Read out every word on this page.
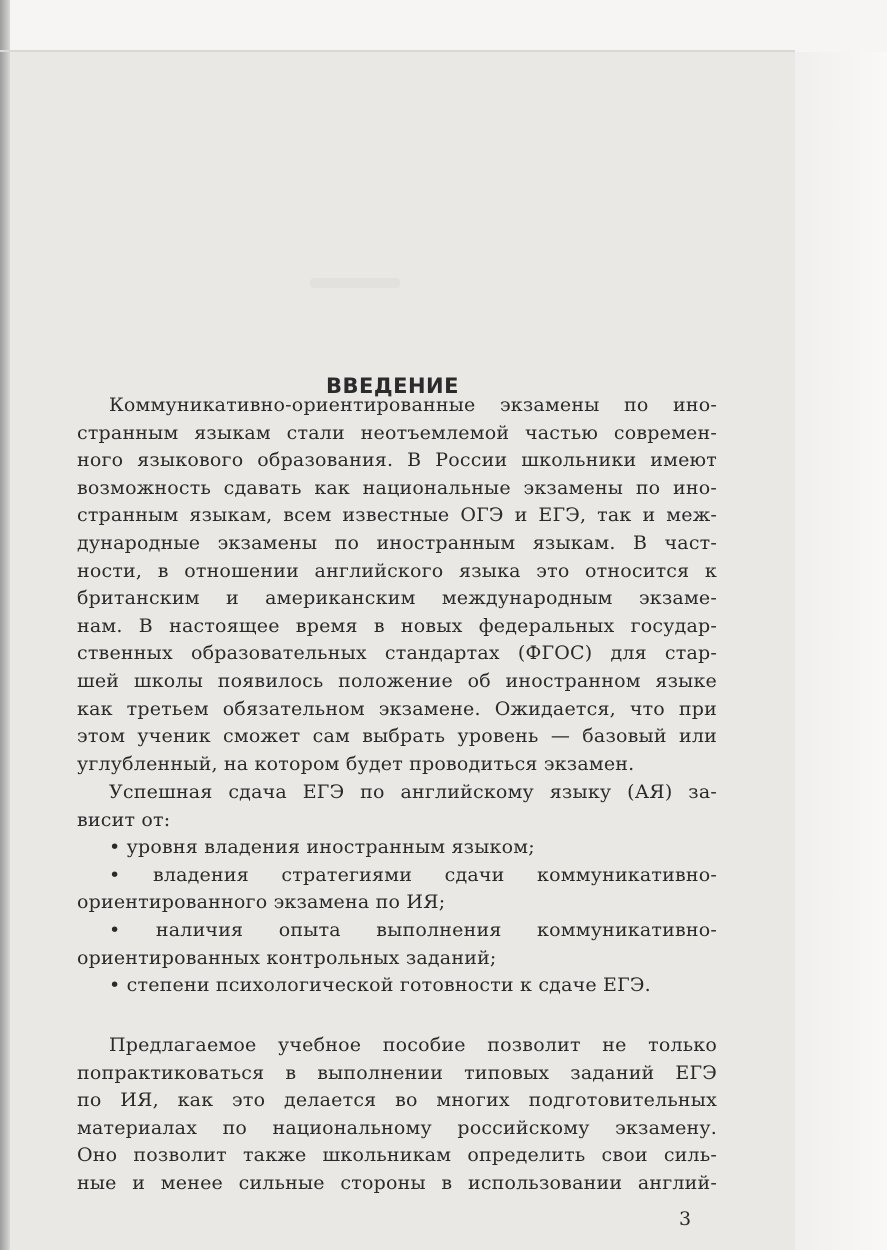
ВВЕДЕНИЕ
Коммуникативно-ориентированные экзамены по ино-
странным языкам стали неотъемлемой частью современ-
ного языкового образования. В России школьники имеют
возможность сдавать как национальные экзамены по ино-
странным языкам, всем известные ОГЭ и ЕГЭ, так и меж-
дународные экзамены по иностранным языкам. В част-
ности, в отношении английского языка это относится к
британским и американским международным экзаме-
нам. В настоящее время в новых федеральных государ-
ственных образовательных стандартах (ФГОС) для стар-
шей школы появилось положение об иностранном языке
как третьем обязательном экзамене. Ожидается, что при
этом ученик сможет сам выбрать уровень — базовый или
углубленный, на котором будет проводиться экзамен.
Успешная сдача ЕГЭ по английскому языку (АЯ) за-
висит от:
• уровня владения иностранным языком;
• владения стратегиями сдачи коммуникативно-
ориентированного экзамена по ИЯ;
• наличия опыта выполнения коммуникативно-
ориентированных контрольных заданий;
• степени психологической готовности к сдаче ЕГЭ.
Предлагаемое учебное пособие позволит не только
попрактиковаться в выполнении типовых заданий ЕГЭ
по ИЯ, как это делается во многих подготовительных
материалах по национальному российскому экзамену.
Оно позволит также школьникам определить свои силь-
ные и менее сильные стороны в использовании англий-
3
